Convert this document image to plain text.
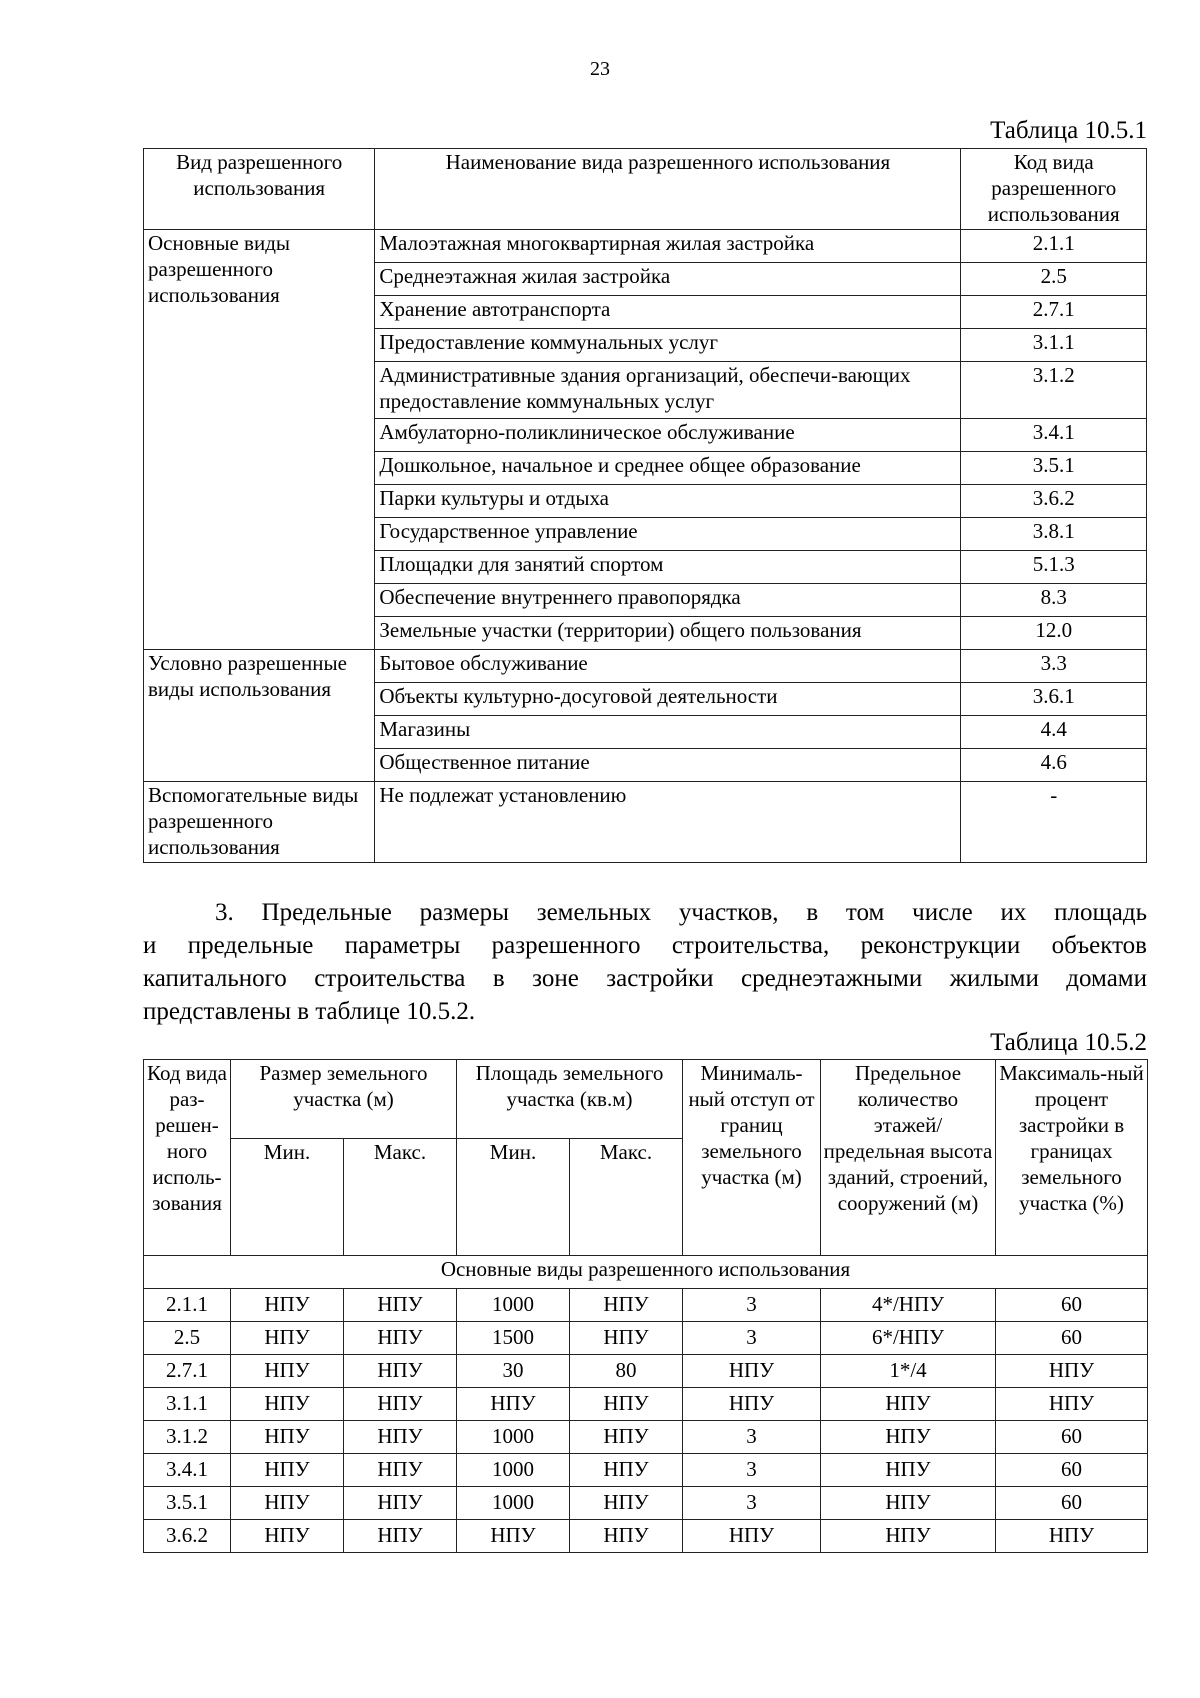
23
Таблица 10.5.1
Вид разрешенного использования	Наименование вида разрешенного использования	Код вида разрешенного использования
Основные виды разрешенного использования	Малоэтажная многоквартирная жилая застройка	2.1.1
	Среднеэтажная жилая застройка	2.5
	Хранение автотранспорта	2.7.1
	Предоставление коммунальных услуг	3.1.1
	Административные здания организаций, обеспечи-вающих предоставление коммунальных услуг	3.1.2
	Амбулаторно-поликлиническое обслуживание	3.4.1
	Дошкольное, начальное и среднее общее образование	3.5.1
	Парки культуры и отдыха	3.6.2
	Государственное управление	3.8.1
	Площадки для занятий спортом	5.1.3
	Обеспечение внутреннего правопорядка	8.3
	Земельные участки (территории) общего пользования	12.0
Условно разрешенные виды использования	Бытовое обслуживание	3.3
	Объекты культурно-досуговой деятельности	3.6.1
	Магазины	4.4
	Общественное питание	4.6
Вспомогательные виды разрешенного использования	Не подлежат установлению	-
3. Предельные размеры земельных участков, в том числе их площадь
и предельные параметры разрешенного строительства, реконструкции объектов
капитального строительства в зоне застройки среднеэтажными жилыми домами
представлены в таблице 10.5.2.
Таблица 10.5.2
Код вида раз-решен-ного исполь-зования	Размер земельного участка (м)		Площадь земельного участка (кв.м)		Минималь-ный отступ от границ земельного участка (м)	Предельное количество этажей/ предельная высота зданий, строений, сооружений (м)	Максималь-ный процент застройки в границах земельного участка (%)
	Мин.	Макс.	Мин.	Макс.			
Основные виды разрешенного использования							
2.1.1	НПУ	НПУ	1000	НПУ	3	4*/НПУ	60
2.5	НПУ	НПУ	1500	НПУ	3	6*/НПУ	60
2.7.1	НПУ	НПУ	30	80	НПУ	1*/4	НПУ
3.1.1	НПУ	НПУ	НПУ	НПУ	НПУ	НПУ	НПУ
3.1.2	НПУ	НПУ	1000	НПУ	3	НПУ	60
3.4.1	НПУ	НПУ	1000	НПУ	3	НПУ	60
3.5.1	НПУ	НПУ	1000	НПУ	3	НПУ	60
3.6.2	НПУ	НПУ	НПУ	НПУ	НПУ	НПУ	НПУ
